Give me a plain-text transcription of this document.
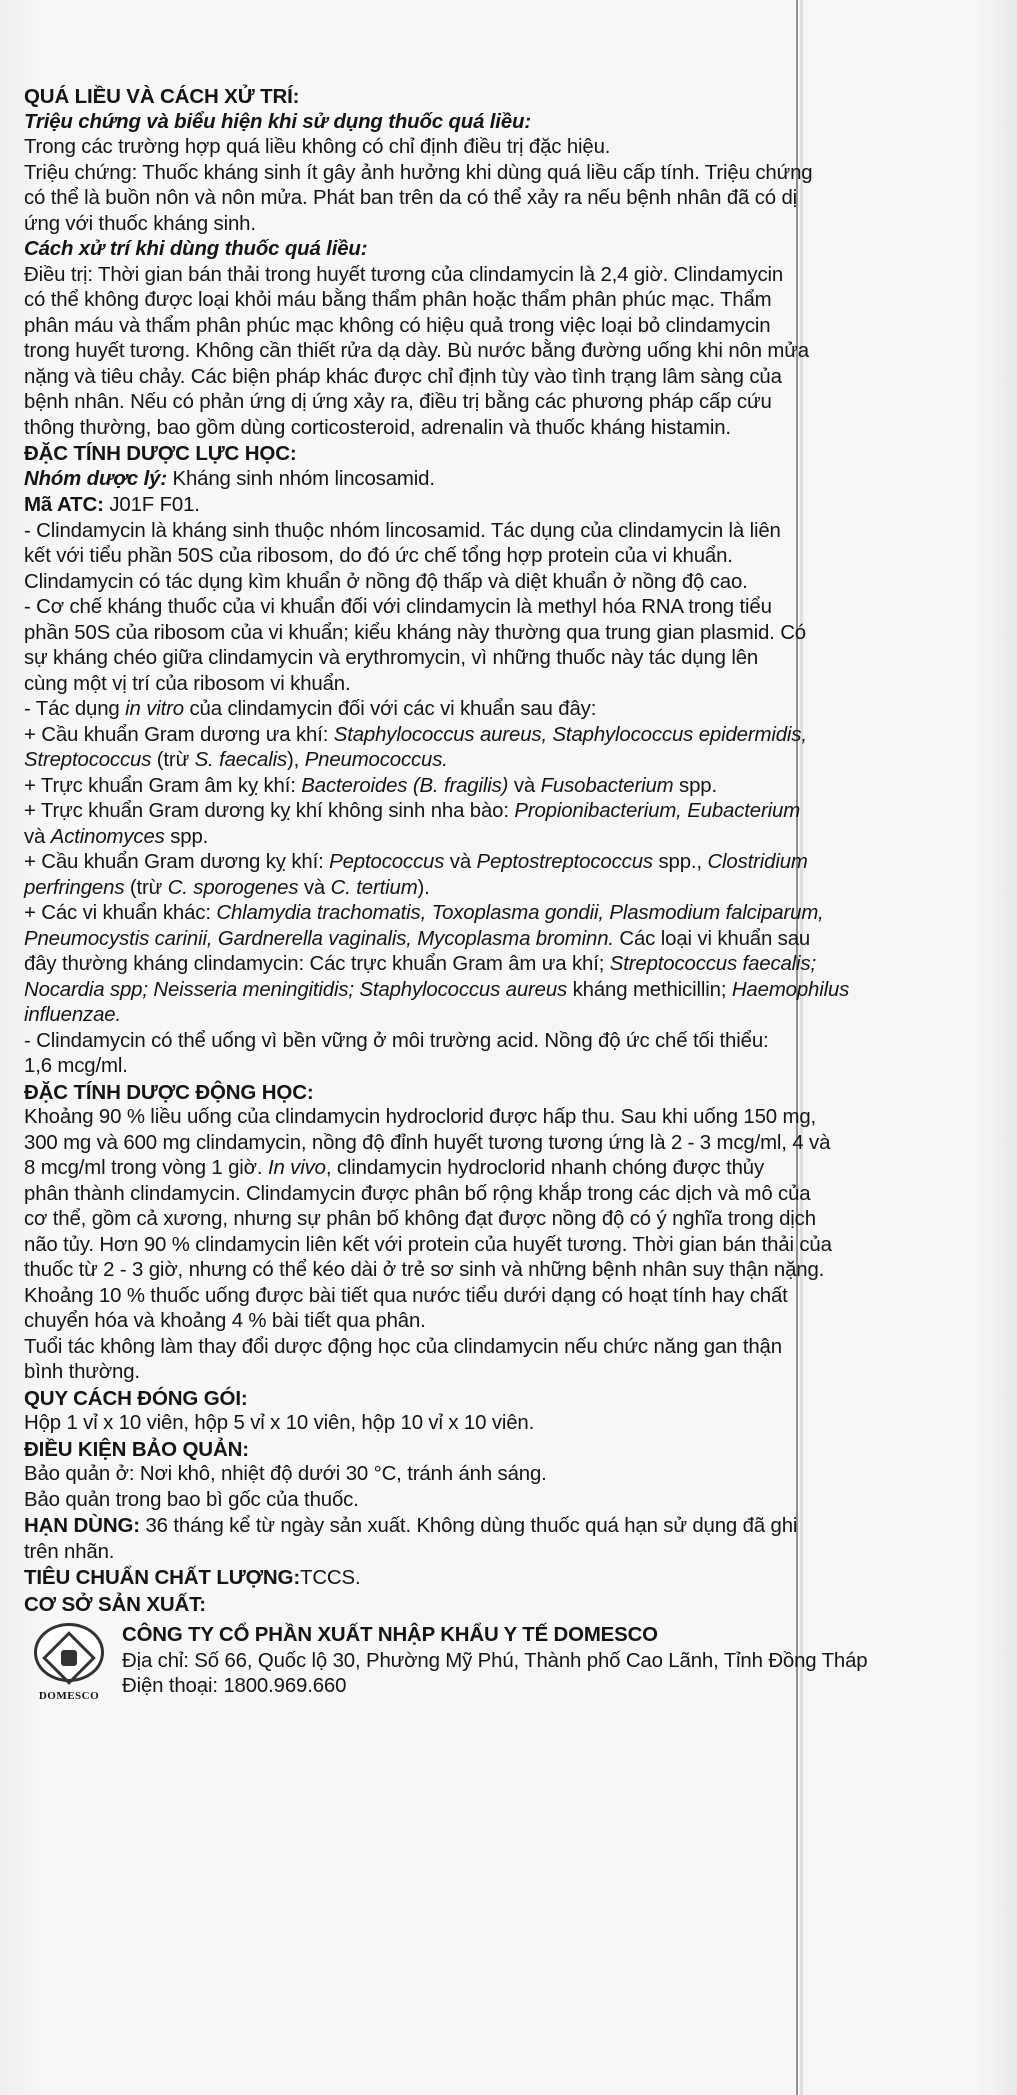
QUÁ LIỀU VÀ CÁCH XỬ TRÍ:
Triệu chứng và biểu hiện khi sử dụng thuốc quá liều:
Trong các trường hợp quá liều không có chỉ định điều trị đặc hiệu.
Triệu chứng: Thuốc kháng sinh ít gây ảnh hưởng khi dùng quá liều cấp tính. Triệu chứng
có thể là buồn nôn và nôn mửa. Phát ban trên da có thể xảy ra nếu bệnh nhân đã có dị
ứng với thuốc kháng sinh.
Cách xử trí khi dùng thuốc quá liều:
Điều trị: Thời gian bán thải trong huyết tương của clindamycin là 2,4 giờ. Clindamycin
có thể không được loại khỏi máu bằng thẩm phân hoặc thẩm phân phúc mạc. Thẩm
phân máu và thẩm phân phúc mạc không có hiệu quả trong việc loại bỏ clindamycin
trong huyết tương. Không cần thiết rửa dạ dày. Bù nước bằng đường uống khi nôn mửa
nặng và tiêu chảy. Các biện pháp khác được chỉ định tùy vào tình trạng lâm sàng của
bệnh nhân. Nếu có phản ứng dị ứng xảy ra, điều trị bằng các phương pháp cấp cứu
thông thường, bao gồm dùng corticosteroid, adrenalin và thuốc kháng histamin.
ĐẶC TÍNH DƯỢC LỰC HỌC:
Nhóm dược lý: Kháng sinh nhóm lincosamid.
Mã ATC: J01F F01.
- Clindamycin là kháng sinh thuộc nhóm lincosamid. Tác dụng của clindamycin là liên
kết với tiểu phần 50S của ribosom, do đó ức chế tổng hợp protein của vi khuẩn.
Clindamycin có tác dụng kìm khuẩn ở nồng độ thấp và diệt khuẩn ở nồng độ cao.
- Cơ chế kháng thuốc của vi khuẩn đối với clindamycin là methyl hóa RNA trong tiểu
phần 50S của ribosom của vi khuẩn; kiểu kháng này thường qua trung gian plasmid. Có
sự kháng chéo giữa clindamycin và erythromycin, vì những thuốc này tác dụng lên
cùng một vị trí của ribosom vi khuẩn.
- Tác dụng in vitro của clindamycin đối với các vi khuẩn sau đây:
+ Cầu khuẩn Gram dương ưa khí: Staphylococcus aureus, Staphylococcus epidermidis,
Streptococcus (trừ S. faecalis), Pneumococcus.
+ Trực khuẩn Gram âm kỵ khí: Bacteroides (B. fragilis) và Fusobacterium spp.
+ Trực khuẩn Gram dương kỵ khí không sinh nha bào: Propionibacterium, Eubacterium
và Actinomyces spp.
+ Cầu khuẩn Gram dương kỵ khí: Peptococcus và Peptostreptococcus spp., Clostridium
perfringens (trừ C. sporogenes và C. tertium).
+ Các vi khuẩn khác: Chlamydia trachomatis, Toxoplasma gondii, Plasmodium falciparum,
Pneumocystis carinii, Gardnerella vaginalis, Mycoplasma brominn. Các loại vi khuẩn sau
đây thường kháng clindamycin: Các trực khuẩn Gram âm ưa khí; Streptococcus faecalis;
Nocardia spp; Neisseria meningitidis; Staphylococcus aureus kháng methicillin; Haemophilus
influenzae.
- Clindamycin có thể uống vì bền vững ở môi trường acid. Nồng độ ức chế tối thiểu:
1,6 mcg/ml.
ĐẶC TÍNH DƯỢC ĐỘNG HỌC:
Khoảng 90 % liều uống của clindamycin hydroclorid được hấp thu. Sau khi uống 150 mg,
300 mg và 600 mg clindamycin, nồng độ đỉnh huyết tương tương ứng là 2 - 3 mcg/ml, 4 và
8 mcg/ml trong vòng 1 giờ. In vivo, clindamycin hydroclorid nhanh chóng được thủy
phân thành clindamycin. Clindamycin được phân bố rộng khắp trong các dịch và mô của
cơ thể, gồm cả xương, nhưng sự phân bố không đạt được nồng độ có ý nghĩa trong dịch
não tủy. Hơn 90 % clindamycin liên kết với protein của huyết tương. Thời gian bán thải của
thuốc từ 2 - 3 giờ, nhưng có thể kéo dài ở trẻ sơ sinh và những bệnh nhân suy thận nặng.
Khoảng 10 % thuốc uống được bài tiết qua nước tiểu dưới dạng có hoạt tính hay chất
chuyển hóa và khoảng 4 % bài tiết qua phân.
Tuổi tác không làm thay đổi dược động học của clindamycin nếu chức năng gan thận
bình thường.
QUY CÁCH ĐÓNG GÓI:
Hộp 1 vỉ x 10 viên, hộp 5 vỉ x 10 viên, hộp 10 vỉ x 10 viên.
ĐIỀU KIỆN BẢO QUẢN:
Bảo quản ở: Nơi khô, nhiệt độ dưới 30 °C, tránh ánh sáng.
Bảo quản trong bao bì gốc của thuốc.
HẠN DÙNG: 36 tháng kể từ ngày sản xuất. Không dùng thuốc quá hạn sử dụng đã ghi
trên nhãn.
TIÊU CHUẨN CHẤT LƯỢNG:TCCS.
CƠ SỞ SẢN XUẤT:
DOMESCO
CÔNG TY CỔ PHẦN XUẤT NHẬP KHẨU Y TẾ DOMESCO
Địa chỉ: Số 66, Quốc lộ 30, Phường Mỹ Phú, Thành phố Cao Lãnh, Tỉnh Đồng Tháp
Điện thoại: 1800.969.660
